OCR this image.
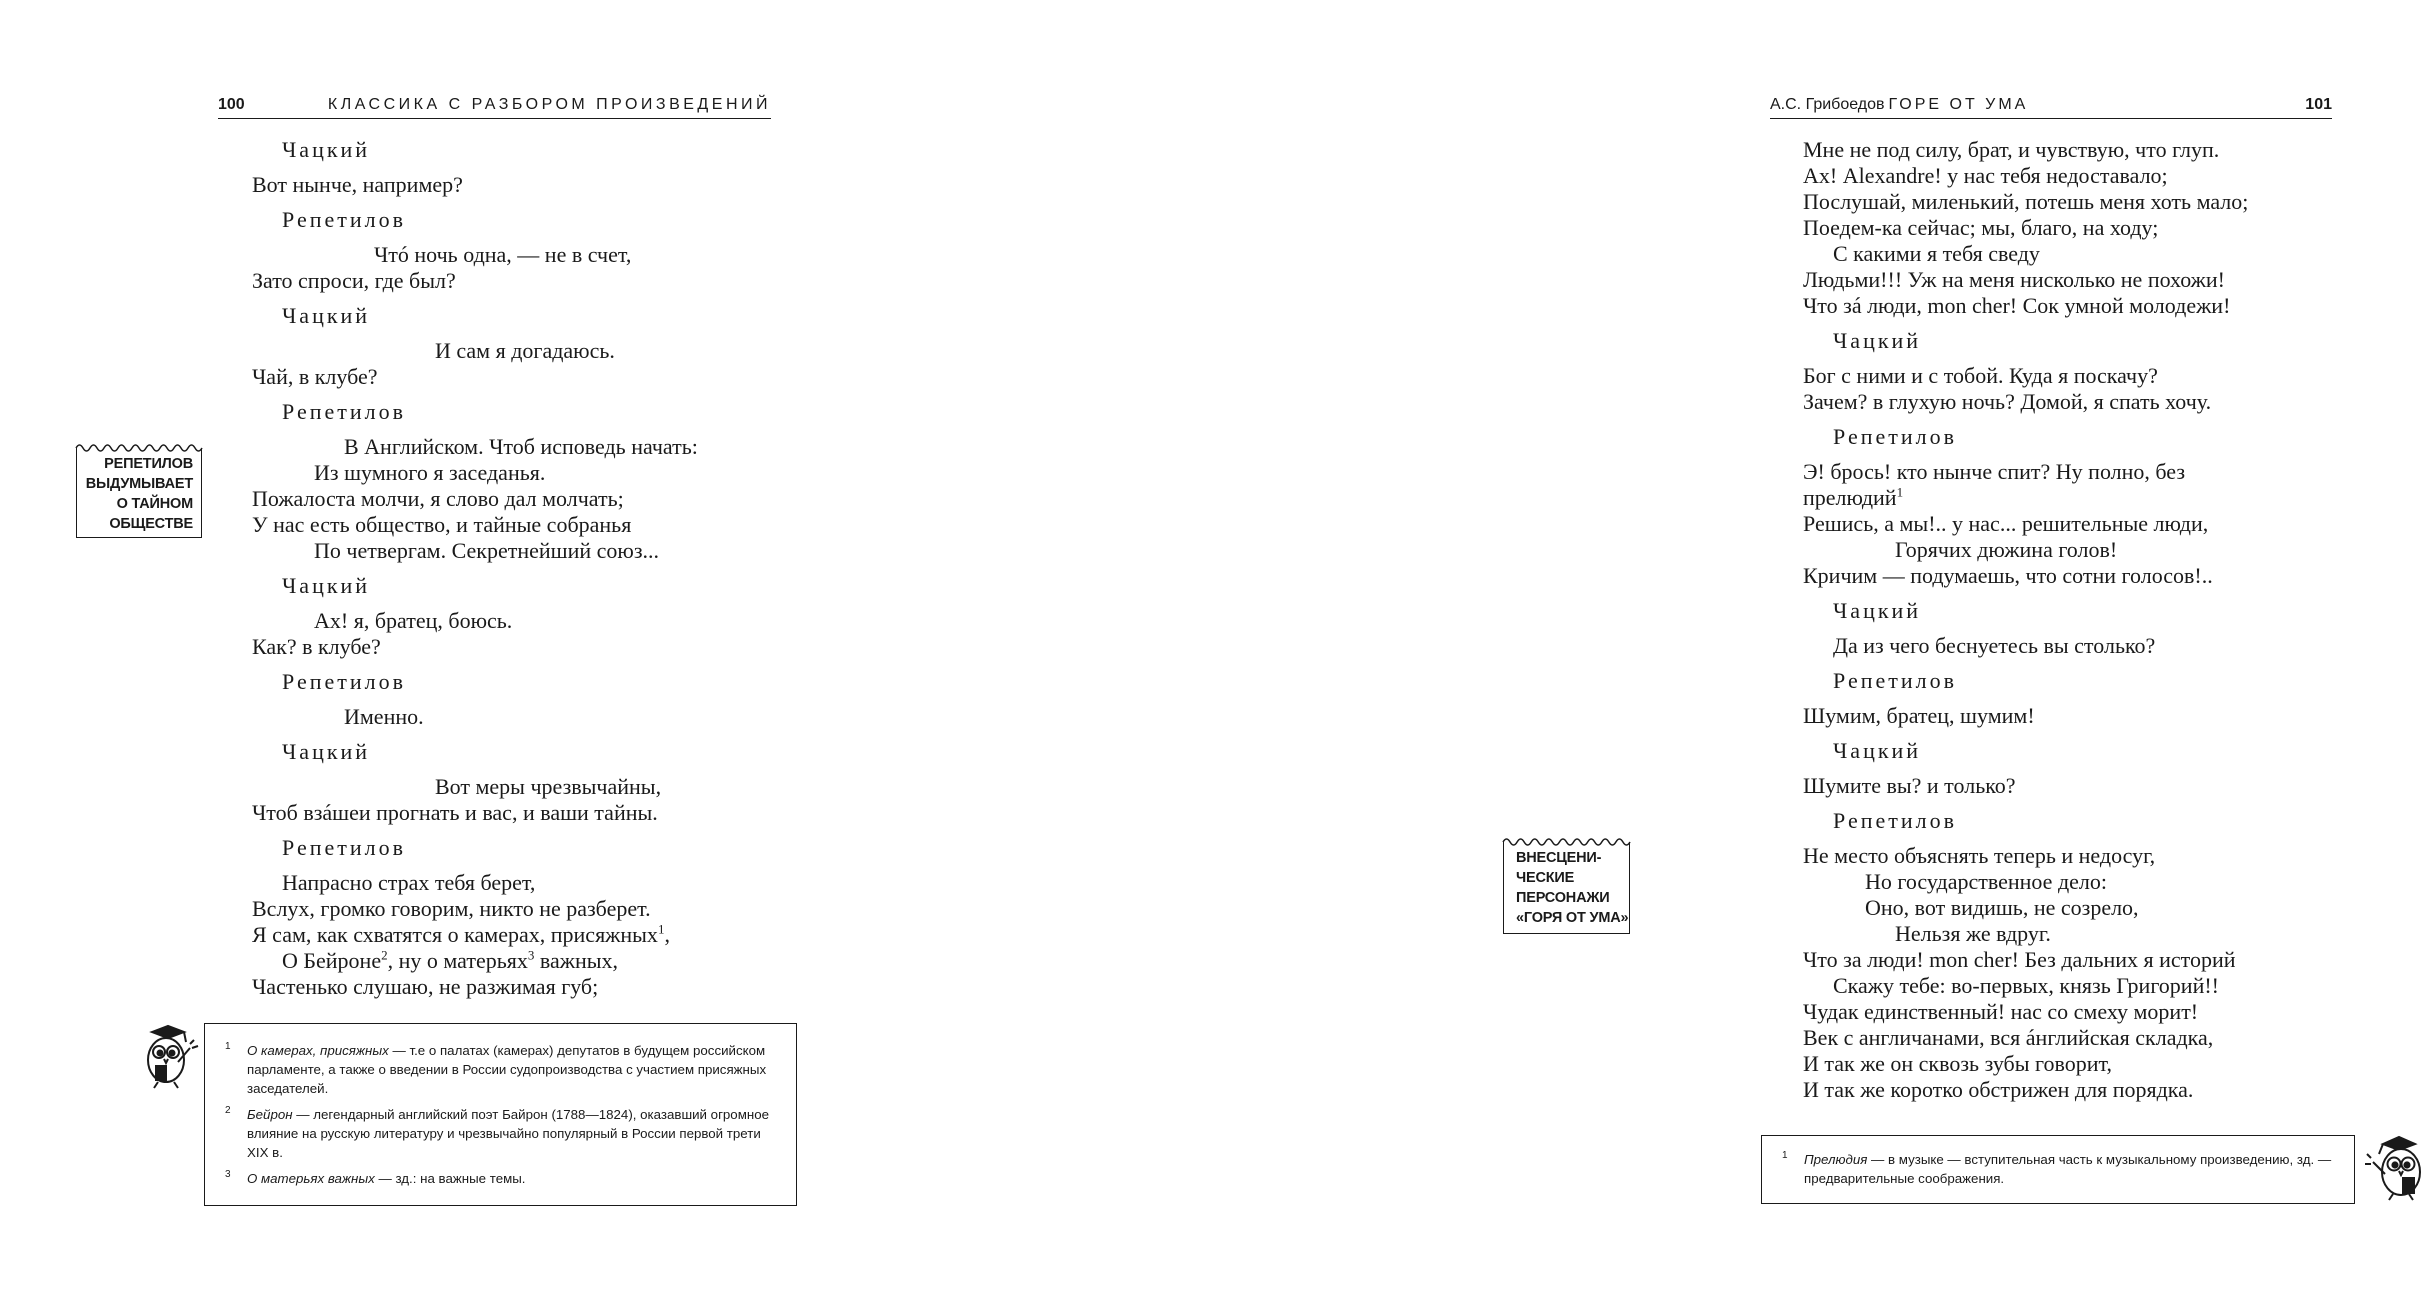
100	КЛАССИКА С РАЗБОРОМ ПРОИЗВЕДЕНИЙ
Чацкий
Вот нынче, например?
Репетилов
Чтó ночь одна, — не в счет,
Зато спроси, где был?
Чацкий
И сам я догадаюсь.
Чай, в клубе?
Репетилов
В Английском. Чтоб исповедь начать:
Из шумного я заседанья.
Пожалоста молчи, я слово дал молчать;
У нас есть общество, и тайные собранья
По четвергам. Секретнейший союз...
Чацкий
Ах! я, братец, боюсь.
Как? в клубе?
Репетилов
Именно.
Чацкий
Вот меры чрезвычайны,
Чтоб взáшеи прогнать и вас, и ваши тайны.
Репетилов
Напрасно страх тебя берет,
Вслух, громко говорим, никто не разберет.
Я сам, как схватятся о камерах, присяжных$^1$,
О Бейроне$^2$, ну о матерьях$^3$ важных,
Частенько слушаю, не разжимая губ;
РЕПЕТИЛОВ
ВЫДУМЫВАЕТ
О ТАЙНОМ
ОБЩЕСТВЕ
1 О камерах, присяжных — т.е о палатах (камерах) депутатов в будущем российском парламенте, а также о введении в России судопроизводства с участием присяжных заседателей.
2 Бейрон — легендарный английский поэт Байрон (1788—1824), оказавший огромное влияние на русскую литературу и чрезвычайно популярный в России первой трети XIX в.
3 О матерьях важных — зд.: на важные темы.
А.С. Грибоедов ГОРЕ ОТ УМА	101
Мне не под силу, брат, и чувствую, что глуп.
Ах! Alexandre! у нас тебя недоставало;
Послушай, миленький, потешь меня хоть мало;
Поедем-ка сейчас; мы, благо, на ходу;
С какими я тебя сведу
Людьми!!! Уж на меня нисколько не похожи!
Что зá люди, mon cher! Сок умной молодежи!
Чацкий
Бог с ними и с тобой. Куда я поскачу?
Зачем? в глухую ночь? Домой, я спать хочу.
Репетилов
Э! брось! кто нынче спит? Ну полно, без
прелюдий$^1$
Решись, а мы!.. у нас... решительные люди,
Горячих дюжина голов!
Кричим — подумаешь, что сотни голосов!..
Чацкий
Да из чего беснуетесь вы столько?
Репетилов
Шумим, братец, шумим!
Чацкий
Шумите вы? и только?
Репетилов
Не место объяснять теперь и недосуг,
Но государственное дело:
Оно, вот видишь, не созрело,
Нельзя же вдруг.
Что за люди! mon cher! Без дальних я историй
Скажу тебе: во-первых, князь Григорий!!
Чудак единственный! нас со смеху морит!
Век с англичанами, вся áнглийская складка,
И так же он сквозь зубы говорит,
И так же коротко обстрижен для порядка.
1 Прелюдия — в музыке — вступительная часть к музыкальному произведению, зд. — предварительные соображения.
ВНЕСЦЕНИ-
ЧЕСКИЕ
ПЕРСОНАЖИ
«ГОРЯ ОТ УМА»
